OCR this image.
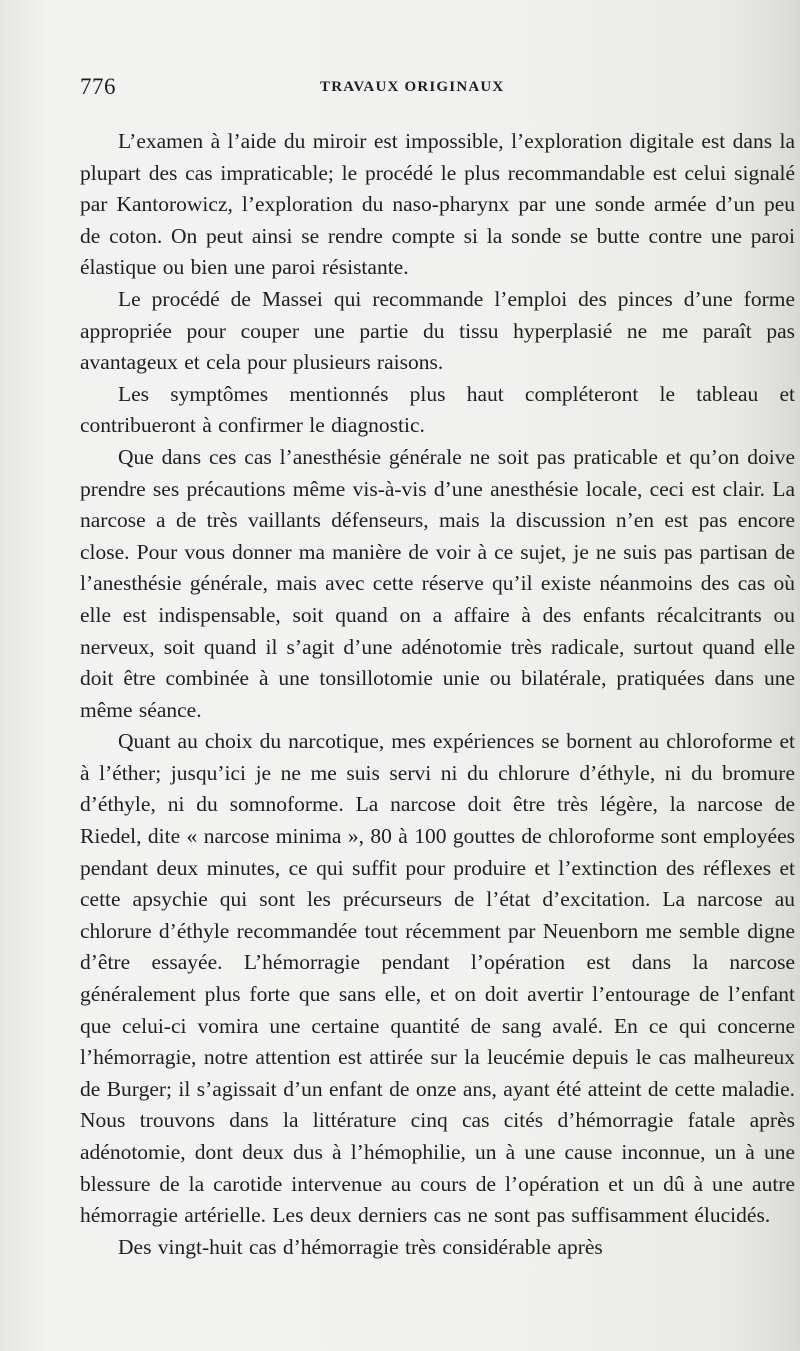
776	TRAVAUX ORIGINAUX

L’examen à l’aide du miroir est impossible, l’exploration digitale est dans la plupart des cas impraticable; le procédé le plus recommandable est celui signalé par Kantorowicz, l’exploration du naso-pharynx par une sonde armée d’un peu de coton. On peut ainsi se rendre compte si la sonde se butte contre une paroi élastique ou bien une paroi résistante.

Le procédé de Massei qui recommande l’emploi des pinces d’une forme appropriée pour couper une partie du tissu hyperplasié ne me paraît pas avantageux et cela pour plusieurs raisons.

Les symptômes mentionnés plus haut compléteront le tableau et contribueront à confirmer le diagnostic.

Que dans ces cas l’anesthésie générale ne soit pas praticable et qu’on doive prendre ses précautions même vis-à-vis d’une anesthésie locale, ceci est clair. La narcose a de très vaillants défenseurs, mais la discussion n’en est pas encore close. Pour vous donner ma manière de voir à ce sujet, je ne suis pas partisan de l’anesthésie générale, mais avec cette réserve qu’il existe néanmoins des cas où elle est indispensable, soit quand on a affaire à des enfants récalcitrants ou nerveux, soit quand il s’agit d’une adénotomie très radicale, surtout quand elle doit être combinée à une tonsillotomie unie ou bilatérale, pratiquées dans une même séance.

Quant au choix du narcotique, mes expériences se bornent au chloroforme et à l’éther; jusqu’ici je ne me suis servi ni du chlorure d’éthyle, ni du bromure d’éthyle, ni du somnoforme. La narcose doit être très légère, la narcose de Riedel, dite « narcose minima », 80 à 100 gouttes de chloroforme sont employées pendant deux minutes, ce qui suffit pour produire et l’extinction des réflexes et cette apsychie qui sont les précurseurs de l’état d’excitation. La narcose au chlorure d’éthyle recommandée tout récemment par Neuenborn me semble digne d’être essayée. L’hémorragie pendant l’opération est dans la narcose généralement plus forte que sans elle, et on doit avertir l’entourage de l’enfant que celui-ci vomira une certaine quantité de sang avalé. En ce qui concerne l’hémorragie, notre attention est attirée sur la leucémie depuis le cas malheureux de Burger; il s’agissait d’un enfant de onze ans, ayant été atteint de cette maladie. Nous trouvons dans la littérature cinq cas cités d’hémorragie fatale après adénotomie, dont deux dus à l’hémophilie, un à une cause inconnue, un à une blessure de la carotide intervenue au cours de l’opération et un dû à une autre hémorragie artérielle. Les deux derniers cas ne sont pas suffisamment élucidés.

Des vingt-huit cas d’hémorragie très considérable après
